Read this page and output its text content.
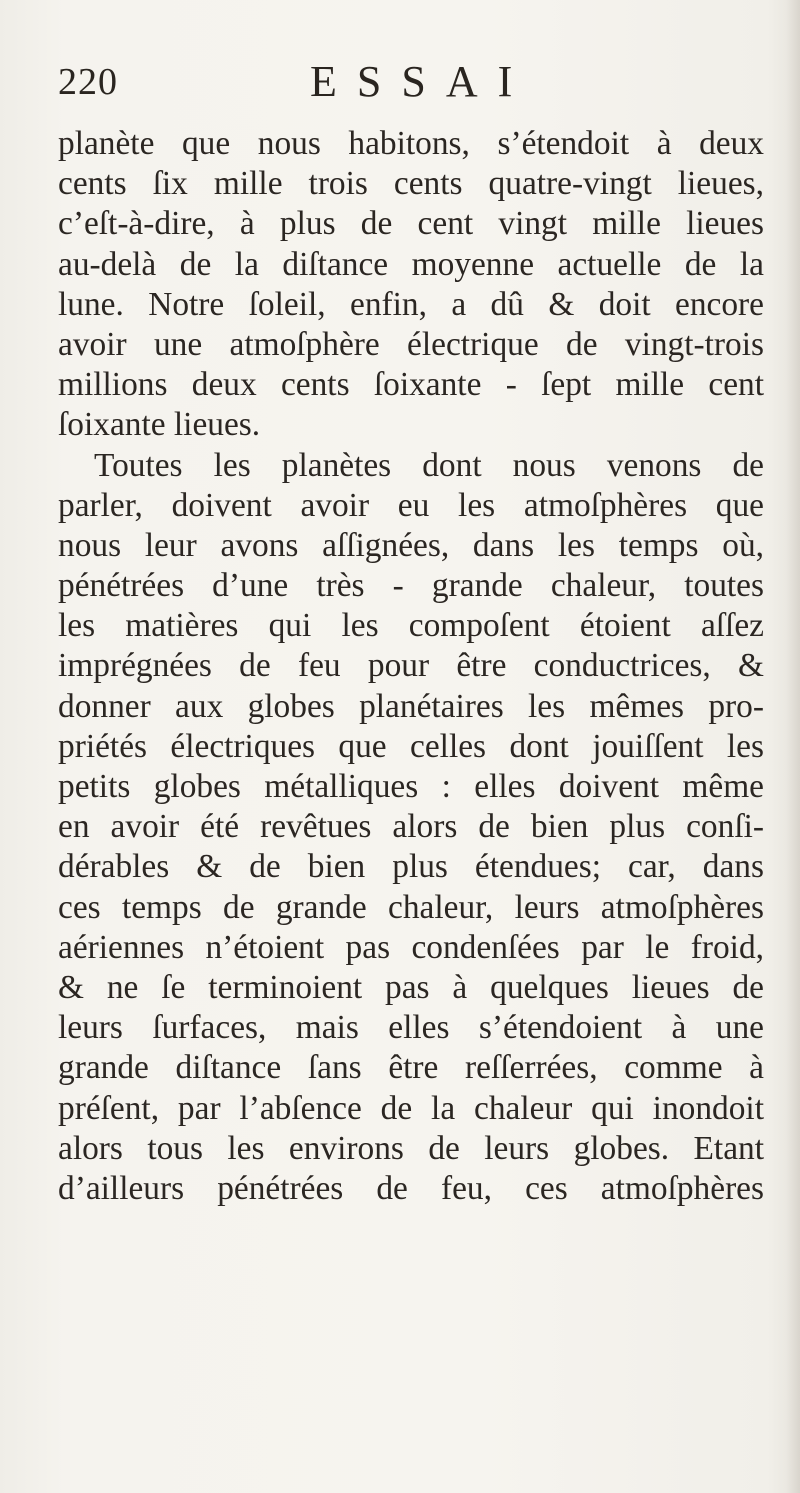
220	ESSAI
planète que nous habitons, s’étendoit à deux
cents ſix mille trois cents quatre-vingt lieues,
c’eſt-à-dire, à plus de cent vingt mille lieues
au-delà de la diſtance moyenne actuelle de la
lune. Notre ſoleil, enfin, a dû & doit encore
avoir une atmoſphère électrique de vingt-trois
millions deux cents ſoixante - ſept mille cent
ſoixante lieues.
Toutes les planètes dont nous venons de
parler, doivent avoir eu les atmoſphères que
nous leur avons aſſignées, dans les temps où,
pénétrées d’une très - grande chaleur, toutes
les matières qui les compoſent étoient aſſez
imprégnées de feu pour être conductrices, &
donner aux globes planétaires les mêmes pro-
priétés électriques que celles dont jouiſſent les
petits globes métalliques : elles doivent même
en avoir été revêtues alors de bien plus conſi-
dérables & de bien plus étendues; car, dans
ces temps de grande chaleur, leurs atmoſphères
aériennes n’étoient pas condenſées par le froid,
& ne ſe terminoient pas à quelques lieues de
leurs ſurfaces, mais elles s’étendoient à une
grande diſtance ſans être reſſerrées, comme à
préſent, par l’abſence de la chaleur qui inondoit
alors tous les environs de leurs globes. Etant
d’ailleurs pénétrées de feu, ces atmoſphères
